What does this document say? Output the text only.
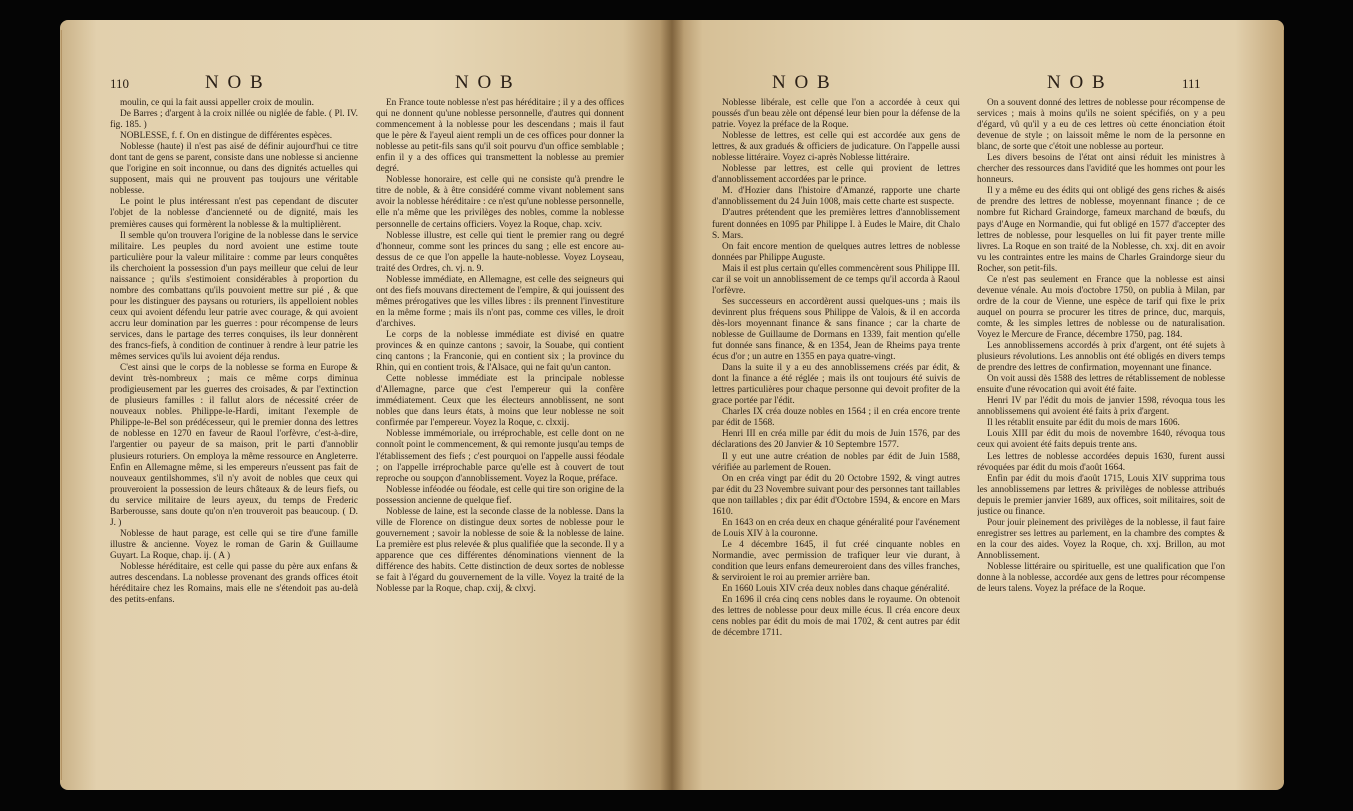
110	N O B	N O B

moulin, ce qui la fait aussi appeller croix de moulin.

De Barres ; d'argent à la croix nillée ou niglée de fable. ( Pl. IV. fig. 185. )

NOBLESSE, f. f. On en distingue de différentes espèces.

Noblesse (haute) il n'est pas aisé de définir aujourd'hui ce titre dont tant de gens se parent, consiste dans une noblesse si ancienne que l'origine en soit inconnue, ou dans des dignités actuelles qui supposent, mais qui ne prouvent pas toujours une véritable noblesse.

Le point le plus intéressant n'est pas cependant de discuter l'objet de la noblesse d'ancienneté ou de dignité, mais les premières causes qui formèrent la noblesse & la multiplièrent.

Il semble qu'on trouvera l'origine de la noblesse dans le service militaire. Les peuples du nord avoient une estime toute particulière pour la valeur militaire : comme par leurs conquêtes ils cherchoient la possession d'un pays meilleur que celui de leur naissance ; qu'ils s'estimoient considérables à proportion du nombre des combattans qu'ils pouvoient mettre sur pié , & que pour les distinguer des paysans ou roturiers, ils appelloient nobles ceux qui avoient défendu leur patrie avec courage, & qui avoient accru leur domination par les guerres : pour récompense de leurs services, dans le partage des terres conquises, ils leur donnèrent des francs-fiefs, à condition de continuer à rendre à leur patrie les mêmes services qu'ils lui avoient déja rendus.

C'est ainsi que le corps de la noblesse se forma en Europe & devint très-nombreux ; mais ce même corps diminua prodigieusement par les guerres des croisades, & par l'extinction de plusieurs familles : il fallut alors de nécessité créer de nouveaux nobles. Philippe-le-Hardi, imitant l'exemple de Philippe-le-Bel son prédécesseur, qui le premier donna des lettres de noblesse en 1270 en faveur de Raoul l'orfèvre, c'est-à-dire, l'argentier ou payeur de sa maison, prit le parti d'annoblir plusieurs roturiers. On employa la même ressource en Angleterre. Enfin en Allemagne même, si les empereurs n'eussent pas fait de nouveaux gentilshommes, s'il n'y avoit de nobles que ceux qui prouveroient la possession de leurs châteaux & de leurs fiefs, ou du service militaire de leurs ayeux, du temps de Frederic Barberousse, sans doute qu'on n'en trouveroit pas beaucoup. ( D. J. )

Noblesse de haut parage, est celle qui se tire d'une famille illustre & ancienne. Voyez le roman de Garin & Guillaume Guyart. La Roque, chap. ij. ( A )

Noblesse héréditaire, est celle qui passe du père aux enfans & autres descendans. La noblesse provenant des grands offices étoit héréditaire chez les Romains, mais elle ne s'étendoit pas au-delà des petits-enfans.

En France toute noblesse n'est pas héréditaire ; il y a des offices qui ne donnent qu'une noblesse personnelle, d'autres qui donnent commencement à la noblesse pour les descendans ; mais il faut que le père & l'ayeul aient rempli un de ces offices pour donner la noblesse au petit-fils sans qu'il soit pourvu d'un office semblable ; enfin il y a des offices qui transmettent la noblesse au premier degré.

Noblesse honoraire, est celle qui ne consiste qu'à prendre le titre de noble, & à être considéré comme vivant noblement sans avoir la noblesse héréditaire : ce n'est qu'une noblesse personnelle, elle n'a même que les privilèges des nobles, comme la noblesse personnelle de certains officiers. Voyez la Roque, chap. xciv.

Noblesse illustre, est celle qui tient le premier rang ou degré d'honneur, comme sont les princes du sang ; elle est encore au-dessus de ce que l'on appelle la haute-noblesse. Voyez Loyseau, traité des Ordres, ch. vj. n. 9.

Noblesse immédiate, en Allemagne, est celle des seigneurs qui ont des fiefs mouvans directement de l'empire, & qui jouissent des mêmes prérogatives que les villes libres : ils prennent l'investiture en la même forme ; mais ils n'ont pas, comme ces villes, le droit d'archives.

Le corps de la noblesse immédiate est divisé en quatre provinces & en quinze cantons ; savoir, la Souabe, qui contient cinq cantons ; la Franconie, qui en contient six ; la province du Rhin, qui en contient trois, & l'Alsace, qui ne fait qu'un canton.

Cette noblesse immédiate est la principale noblesse d'Allemagne, parce que c'est l'empereur qui la confère immédiatement. Ceux que les électeurs annoblissent, ne sont nobles que dans leurs états, à moins que leur noblesse ne soit confirmée par l'empereur. Voyez la Roque, c. clxxij.

Noblesse immémoriale, ou irréprochable, est celle dont on ne connoît point le commencement, & qui remonte jusqu'au temps de l'établissement des fiefs ; c'est pourquoi on l'appelle aussi féodale ; on l'appelle irréprochable parce qu'elle est à couvert de tout reproche ou soupçon d'annoblissement. Voyez la Roque, préface.

Noblesse inféodée ou féodale, est celle qui tire son origine de la possession ancienne de quelque fief.

Noblesse de laine, est la seconde classe de la noblesse. Dans la ville de Florence on distingue deux sortes de noblesse pour le gouvernement ; savoir la noblesse de soie & la noblesse de laine. La première est plus relevée & plus qualifiée que la seconde. Il y a apparence que ces différentes dénominations viennent de la différence des habits. Cette distinction de deux sortes de noblesse se fait à l'égard du gouvernement de la ville. Voyez la traité de la Noblesse par la Roque, chap. cxij, & clxvj.

N O B	N O B	111

Noblesse libérale, est celle que l'on a accordée à ceux qui poussés d'un beau zèle ont dépensé leur bien pour la défense de la patrie. Voyez la préface de la Roque.

Noblesse de lettres, est celle qui est accordée aux gens de lettres, & aux gradués & officiers de judicature. On l'appelle aussi noblesse littéraire. Voyez ci-après Noblesse littéraire.

Noblesse par lettres, est celle qui provient de lettres d'annoblissement accordées par le prince.

M. d'Hozier dans l'histoire d'Amanzé, rapporte une charte d'annoblissement du 24 Juin 1008, mais cette charte est suspecte.

D'autres prétendent que les premières lettres d'annoblissement furent données en 1095 par Philippe I. à Eudes le Maire, dit Chalo S. Mars.

On fait encore mention de quelques autres lettres de noblesse données par Philippe Auguste.

Mais il est plus certain qu'elles commencèrent sous Philippe III. car il se voit un annoblissement de ce temps qu'il accorda à Raoul l'orfèvre.

Ses successeurs en accordèrent aussi quelques-uns ; mais ils devinrent plus fréquens sous Philippe de Valois, & il en accorda dès-lors moyennant finance & sans finance ; car la charte de noblesse de Guillaume de Dormans en 1339, fait mention qu'elle fut donnée sans finance, & en 1354, Jean de Rheims paya trente écus d'or ; un autre en 1355 en paya quatre-vingt.

Dans la suite il y a eu des annoblissemens créés par édit, & dont la finance a été réglée ; mais ils ont toujours été suivis de lettres particulières pour chaque personne qui devoit profiter de la grace portée par l'édit.

Charles IX créa douze nobles en 1564 ; il en créa encore trente par édit de 1568.

Henri III en créa mille par édit du mois de Juin 1576, par des déclarations des 20 Janvier & 10 Septembre 1577.

Il y eut une autre création de nobles par édit de Juin 1588, vérifiée au parlement de Rouen.

On en créa vingt par édit du 20 Octobre 1592, & vingt autres par édit du 23 Novembre suivant pour des personnes tant taillables que non taillables ; dix par édit d'Octobre 1594, & encore en Mars 1610.

En 1643 on en créa deux en chaque généralité pour l'avénement de Louis XIV à la couronne.

Le 4 décembre 1645, il fut créé cinquante nobles en Normandie, avec permission de trafiquer leur vie durant, à condition que leurs enfans demeureroient dans des villes franches, & serviroient le roi au premier arrière ban.

En 1660 Louis XIV créa deux nobles dans chaque généralité.

En 1696 il créa cinq cens nobles dans le royaume. On obtenoit des lettres de noblesse pour deux mille écus. Il créa encore deux cens nobles par édit du mois de mai 1702, & cent autres par édit de décembre 1711.

On a souvent donné des lettres de noblesse pour récompense de services ; mais à moins qu'ils ne soient spécifiés, on y a peu d'égard, vû qu'il y a eu de ces lettres où cette énonciation étoit devenue de style ; on laissoit même le nom de la personne en blanc, de sorte que c'étoit une noblesse au porteur.

Les divers besoins de l'état ont ainsi réduit les ministres à chercher des ressources dans l'avidité que les hommes ont pour les honneurs.

Il y a même eu des édits qui ont obligé des gens riches & aisés de prendre des lettres de noblesse, moyennant finance ; de ce nombre fut Richard Graindorge, fameux marchand de bœufs, du pays d'Auge en Normandie, qui fut obligé en 1577 d'accepter des lettres de noblesse, pour lesquelles on lui fit payer trente mille livres. La Roque en son traité de la Noblesse, ch. xxj. dit en avoir vu les contraintes entre les mains de Charles Graindorge sieur du Rocher, son petit-fils.

Ce n'est pas seulement en France que la noblesse est ainsi devenue vénale. Au mois d'octobre 1750, on publia à Milan, par ordre de la cour de Vienne, une espèce de tarif qui fixe le prix auquel on pourra se procurer les titres de prince, duc, marquis, comte, & les simples lettres de noblesse ou de naturalisation. Voyez le Mercure de France, décembre 1750, pag. 184.

Les annoblissemens accordés à prix d'argent, ont été sujets à plusieurs révolutions. Les annoblis ont été obligés en divers temps de prendre des lettres de confirmation, moyennant une finance.

On voit aussi dès 1588 des lettres de rétablissement de noblesse ensuite d'une révocation qui avoit été faite.

Henri IV par l'édit du mois de janvier 1598, révoqua tous les annoblissemens qui avoient été faits à prix d'argent.

Il les rétablit ensuite par édit du mois de mars 1606.

Louis XIII par édit du mois de novembre 1640, révoqua tous ceux qui avoient été faits depuis trente ans.

Les lettres de noblesse accordées depuis 1630, furent aussi révoquées par édit du mois d'août 1664.

Enfin par édit du mois d'août 1715, Louis XIV supprima tous les annoblissemens par lettres & privilèges de noblesse attribués depuis le premier janvier 1689, aux offices, soit militaires, soit de justice ou finance.

Pour jouir pleinement des privilèges de la noblesse, il faut faire enregistrer ses lettres au parlement, en la chambre des comptes & en la cour des aides. Voyez la Roque, ch. xxj. Brillon, au mot Annoblissement.

Noblesse littéraire ou spirituelle, est une qualification que l'on donne à la noblesse, accordée aux gens de lettres pour récompense de leurs talens. Voyez la préface de la Roque.
